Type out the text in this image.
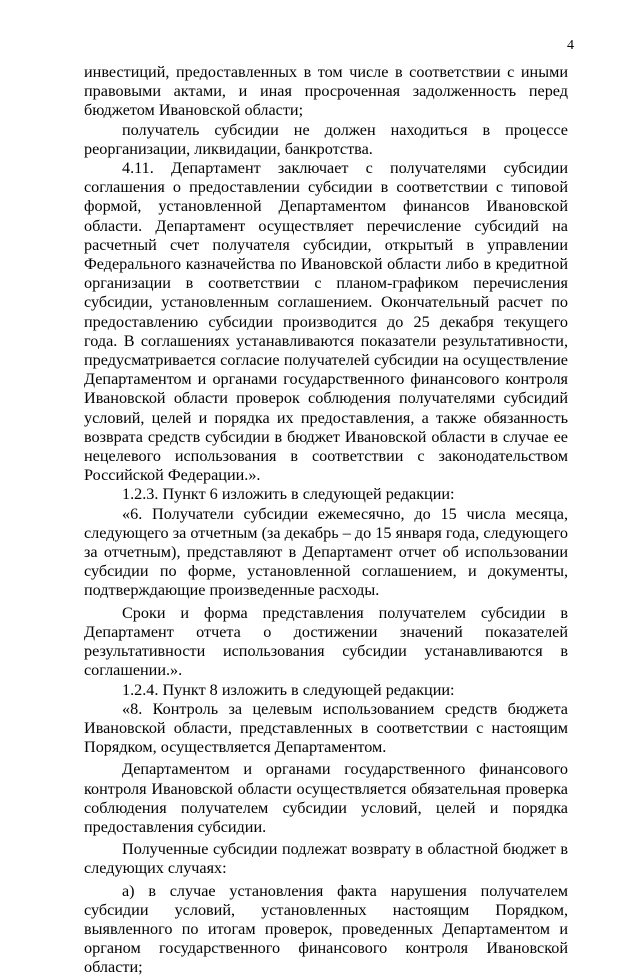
4

инвестиций, предоставленных в том числе в соответствии с иными правовыми актами, и иная просроченная задолженность перед бюджетом Ивановской области;

получатель субсидии не должен находиться в процессе реорганизации, ликвидации, банкротства.

4.11. Департамент заключает с получателями субсидии соглашения о предоставлении субсидии в соответствии с типовой формой, установленной Департаментом финансов Ивановской области. Департамент осуществляет перечисление субсидий на расчетный счет получателя субсидии, открытый в управлении Федерального казначейства по Ивановской области либо в кредитной организации в соответствии с планом-графиком перечисления субсидии, установленным соглашением. Окончательный расчет по предоставлению субсидии производится до 25 декабря текущего года. В соглашениях устанавливаются показатели результативности, предусматривается согласие получателей субсидии на осуществление Департаментом и органами государственного финансового контроля Ивановской области проверок соблюдения получателями субсидий условий, целей и порядка их предоставления, а также обязанность возврата средств субсидии в бюджет Ивановской области в случае ее нецелевого использования в соответствии с законодательством Российской Федерации.».

1.2.3. Пункт 6 изложить в следующей редакции:

«6. Получатели субсидии ежемесячно, до 15 числа месяца, следующего за отчетным (за декабрь – до 15 января года, следующего за отчетным), представляют в Департамент отчет об использовании субсидии по форме, установленной соглашением, и документы, подтверждающие произведенные расходы.

Сроки и форма представления получателем субсидии в Департамент отчета о достижении значений показателей результативности использования субсидии устанавливаются в соглашении.».

1.2.4. Пункт 8 изложить в следующей редакции:

«8. Контроль за целевым использованием средств бюджета Ивановской области, представленных в соответствии с настоящим Порядком, осуществляется Департаментом.

Департаментом и органами государственного финансового контроля Ивановской области осуществляется обязательная проверка соблюдения получателем субсидии условий, целей и порядка предоставления субсидии.

Полученные субсидии подлежат возврату в областной бюджет в следующих случаях:

а) в случае установления факта нарушения получателем субсидии условий, установленных настоящим Порядком, выявленного по итогам проверок, проведенных Департаментом и органом государственного финансового контроля Ивановской области;
